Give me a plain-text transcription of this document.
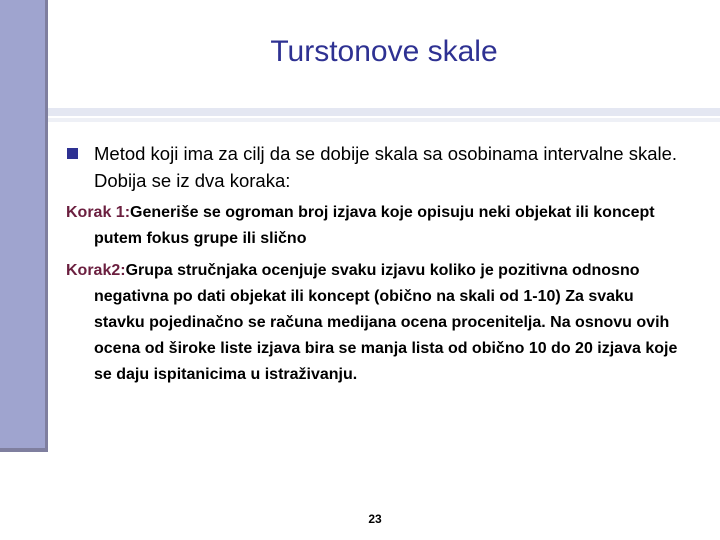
Turstonove skale
Metod koji ima za cilj da se dobije skala sa osobinama intervalne skale. Dobija se iz dva koraka:

Korak 1:Generiše se ogroman broj izjava koje opisuju neki objekat ili koncept putem fokus grupe ili slično

Korak2:Grupa stručnjaka ocenjuje svaku izjavu koliko je pozitivna odnosno negativna po dati objekat ili koncept (obično na skali od 1-10) Za svaku stavku pojedinačno se računa medijana ocena procenitelja. Na osnovu ovih ocena od široke liste izjava bira se manja lista od obično 10 do 20 izjava koje se daju ispitanicima u istraživanju.

23
